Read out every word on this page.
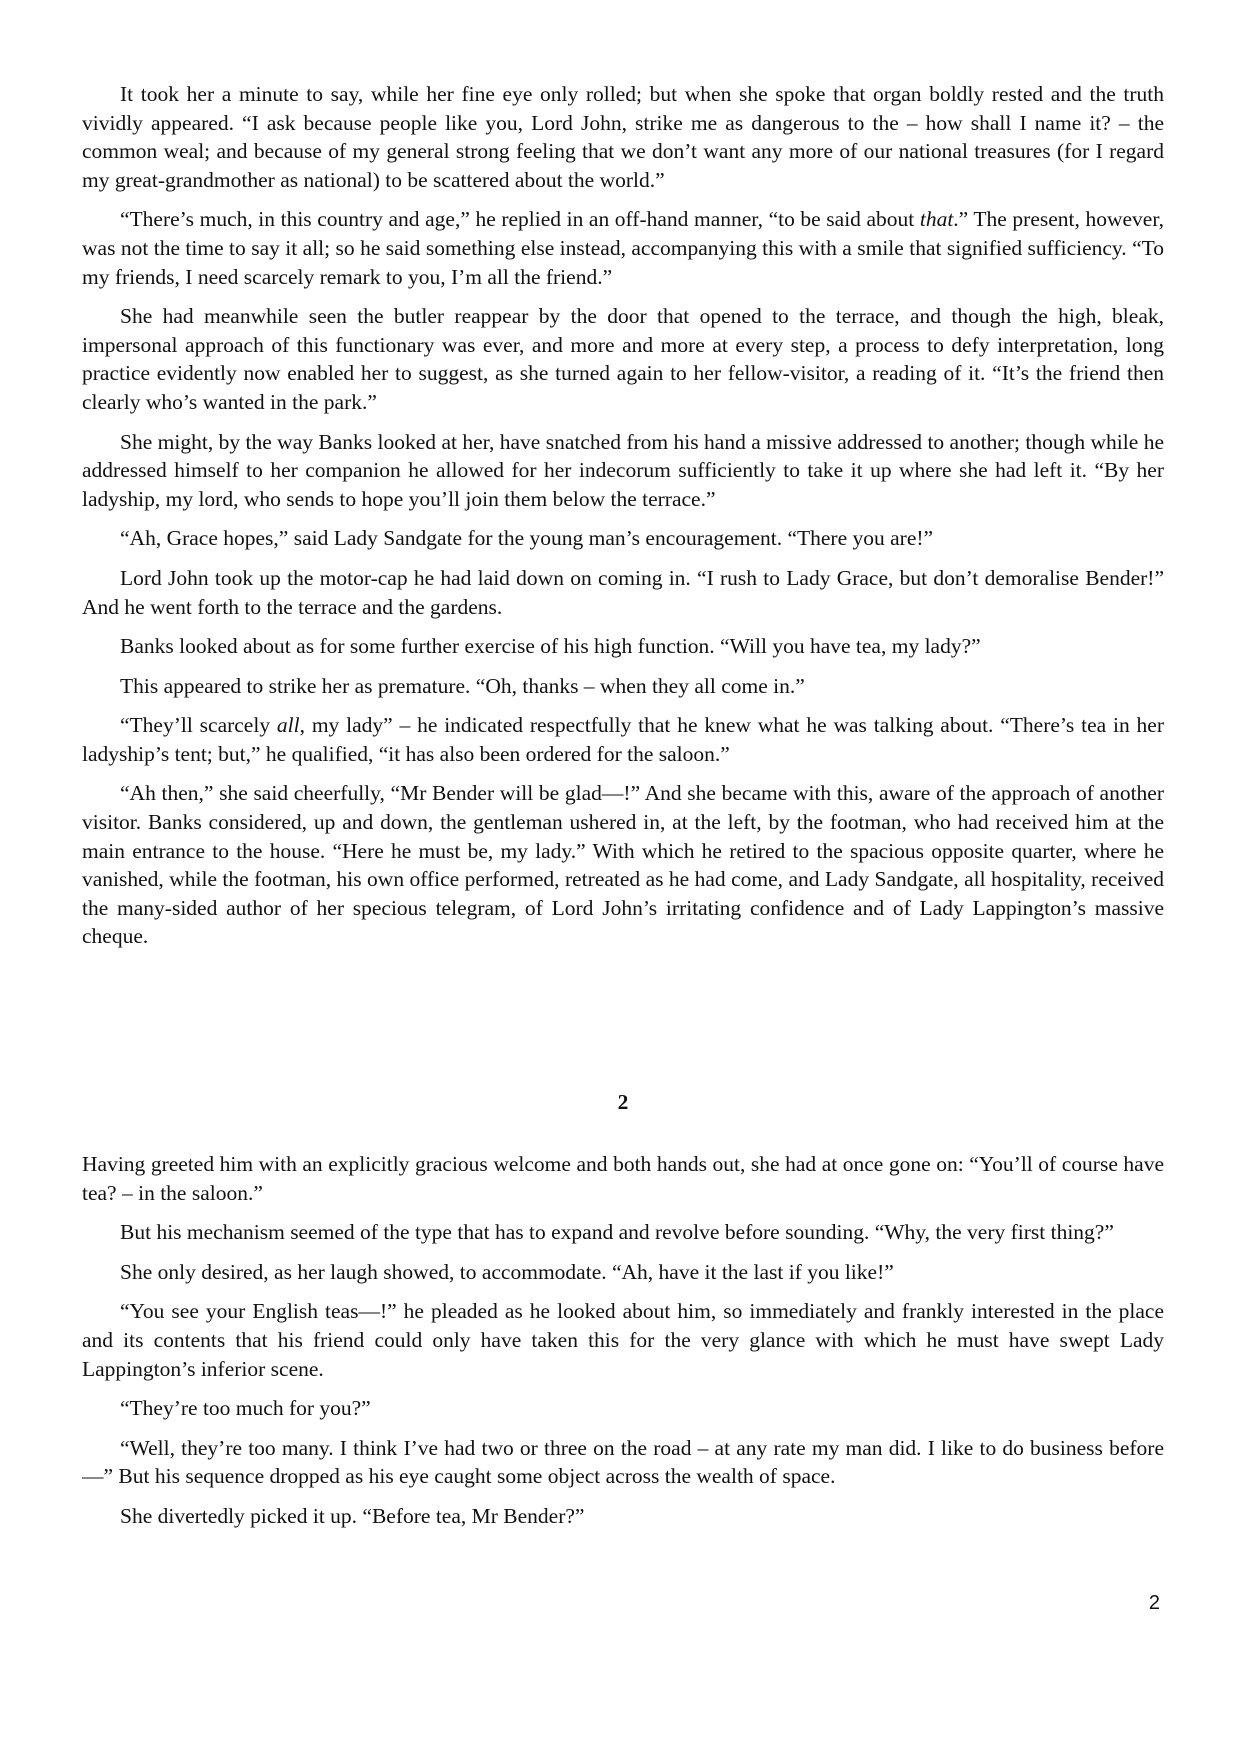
It took her a minute to say, while her fine eye only rolled; but when she spoke that organ boldly rested and the truth vividly appeared. “I ask because people like you, Lord John, strike me as dangerous to the – how shall I name it? – the common weal; and because of my general strong feeling that we don’t want any more of our national treasures (for I regard my great-grandmother as national) to be scattered about the world.”

“There’s much, in this country and age,” he replied in an off-hand manner, “to be said about that.” The present, however, was not the time to say it all; so he said something else instead, accompanying this with a smile that signified sufficiency. “To my friends, I need scarcely remark to you, I’m all the friend.”

She had meanwhile seen the butler reappear by the door that opened to the terrace, and though the high, bleak, impersonal approach of this functionary was ever, and more and more at every step, a process to defy interpretation, long practice evidently now enabled her to suggest, as she turned again to her fellow-visitor, a reading of it. “It’s the friend then clearly who’s wanted in the park.”

She might, by the way Banks looked at her, have snatched from his hand a missive addressed to another; though while he addressed himself to her companion he allowed for her indecorum sufficiently to take it up where she had left it. “By her ladyship, my lord, who sends to hope you’ll join them below the terrace.”

“Ah, Grace hopes,” said Lady Sandgate for the young man’s encouragement. “There you are!”

Lord John took up the motor-cap he had laid down on coming in. “I rush to Lady Grace, but don’t demoralise Bender!” And he went forth to the terrace and the gardens.

Banks looked about as for some further exercise of his high function. “Will you have tea, my lady?”

This appeared to strike her as premature. “Oh, thanks – when they all come in.”

“They’ll scarcely all, my lady” – he indicated respectfully that he knew what he was talking about. “There’s tea in her ladyship’s tent; but,” he qualified, “it has also been ordered for the saloon.”

“Ah then,” she said cheerfully, “Mr Bender will be glad—!” And she became with this, aware of the approach of another visitor. Banks considered, up and down, the gentleman ushered in, at the left, by the footman, who had received him at the main entrance to the house. “Here he must be, my lady.” With which he retired to the spacious opposite quarter, where he vanished, while the footman, his own office performed, retreated as he had come, and Lady Sandgate, all hospitality, received the many-sided author of her specious telegram, of Lord John’s irritating confidence and of Lady Lappington’s massive cheque.

2

Having greeted him with an explicitly gracious welcome and both hands out, she had at once gone on: “You’ll of course have tea? – in the saloon.”

But his mechanism seemed of the type that has to expand and revolve before sounding. “Why, the very first thing?”

She only desired, as her laugh showed, to accommodate. “Ah, have it the last if you like!”

“You see your English teas—!” he pleaded as he looked about him, so immediately and frankly interested in the place and its contents that his friend could only have taken this for the very glance with which he must have swept Lady Lappington’s inferior scene.

“They’re too much for you?”

“Well, they’re too many. I think I’ve had two or three on the road – at any rate my man did. I like to do business before—” But his sequence dropped as his eye caught some object across the wealth of space.

She divertedly picked it up. “Before tea, Mr Bender?”

2
